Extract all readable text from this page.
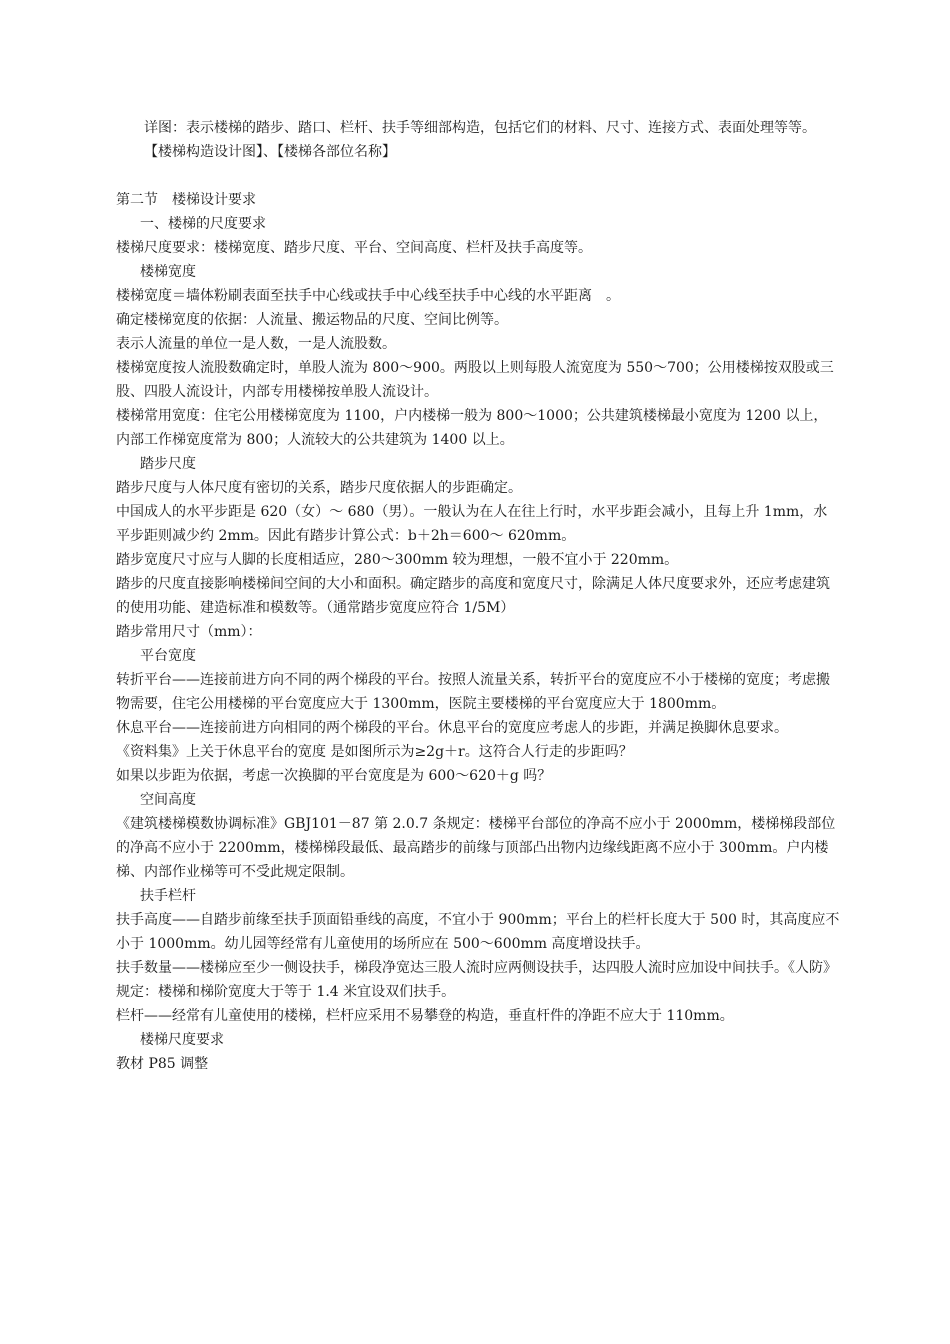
详图：表示楼梯的踏步、踏口、栏杆、扶手等细部构造，包括它们的材料、尺寸、连接方式、表面处理等等。

【楼梯构造设计图】、【楼梯各部位名称】

第二节　楼梯设计要求

一、楼梯的尺度要求

楼梯尺度要求：楼梯宽度、踏步尺度、平台、空间高度、栏杆及扶手高度等。

楼梯宽度

楼梯宽度＝墙体粉刷表面至扶手中心线或扶手中心线至扶手中心线的水平距离　。

确定楼梯宽度的依据：人流量、搬运物品的尺度、空间比例等。

表示人流量的单位一是人数，一是人流股数。

楼梯宽度按人流股数确定时，单股人流为 800～900。两股以上则每股人流宽度为 550～700；公用楼梯按双股或三股、四股人流设计，内部专用楼梯按单股人流设计。

楼梯常用宽度：住宅公用楼梯宽度为 1100，户内楼梯一般为 800～1000；公共建筑楼梯最小宽度为 1200 以上，内部工作梯宽度常为 800；人流较大的公共建筑为 1400 以上。

踏步尺度

踏步尺度与人体尺度有密切的关系，踏步尺度依据人的步距确定。

中国成人的水平步距是 620（女）～ 680（男）。一般认为在人在往上行时，水平步距会减小，且每上升 1mm，水平步距则减少约 2mm。因此有踏步计算公式：b＋2h＝600～ 620mm。

踏步宽度尺寸应与人脚的长度相适应，280～300mm 较为理想，一般不宜小于 220mm。

踏步的尺度直接影响楼梯间空间的大小和面积。确定踏步的高度和宽度尺寸，除满足人体尺度要求外，还应考虑建筑的使用功能、建造标准和模数等。（通常踏步宽度应符合 1/5M）

踏步常用尺寸（mm）：

平台宽度

转折平台——连接前进方向不同的两个梯段的平台。按照人流量关系，转折平台的宽度应不小于楼梯的宽度；考虑搬物需要，住宅公用楼梯的平台宽度应大于 1300mm，医院主要楼梯的平台宽度应大于 1800mm。

休息平台——连接前进方向相同的两个梯段的平台。休息平台的宽度应考虑人的步距，并满足换脚休息要求。

《资料集》上关于休息平台的宽度 是如图所示为≥2g＋r。这符合人行走的步距吗？

如果以步距为依据，考虑一次换脚的平台宽度是为 600～620＋g 吗？

空间高度

《建筑楼梯模数协调标准》GBJ101－87 第 2.0.7 条规定：楼梯平台部位的净高不应小于 2000mm，楼梯梯段部位的净高不应小于 2200mm，楼梯梯段最低、最高踏步的前缘与顶部凸出物内边缘线距离不应小于 300mm。户内楼梯、内部作业梯等可不受此规定限制。

扶手栏杆

扶手高度——自踏步前缘至扶手顶面铅垂线的高度，不宜小于 900mm；平台上的栏杆长度大于 500 时，其高度应不小于 1000mm。幼儿园等经常有儿童使用的场所应在 500～600mm 高度增设扶手。

扶手数量——楼梯应至少一侧设扶手，梯段净宽达三股人流时应两侧设扶手，达四股人流时应加设中间扶手。《人防》规定：楼梯和梯阶宽度大于等于 1.4 米宜设双们扶手。

栏杆——经常有儿童使用的楼梯，栏杆应采用不易攀登的构造，垂直杆件的净距不应大于 110mm。

楼梯尺度要求

教材 P85 调整
